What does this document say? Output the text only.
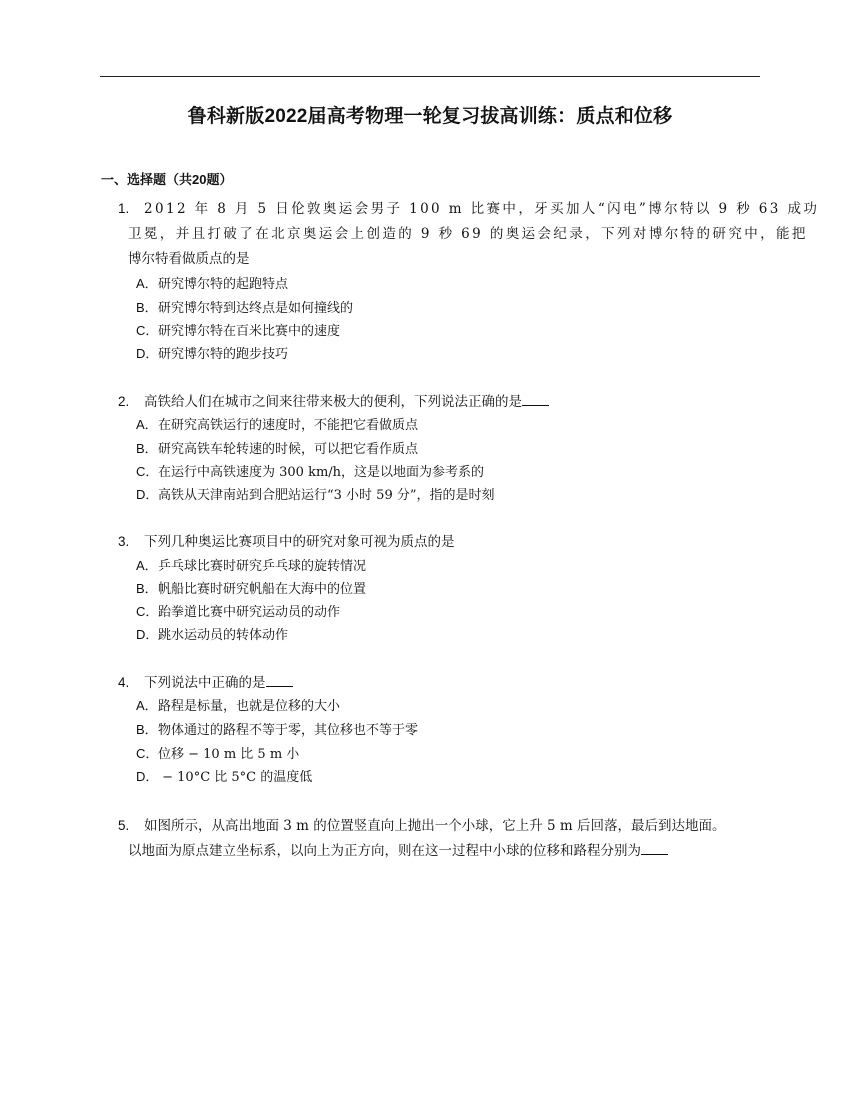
鲁科新版2022届高考物理一轮复习拔高训练：质点和位移
一、选择题（共20题）
1. 2012 年 8 月 5 日伦敦奥运会男子 100 m 比赛中，牙买加人“闪电”博尔特以 9 秒 63 成功
卫冕，并且打破了在北京奥运会上创造的 9 秒 69 的奥运会纪录，下列对博尔特的研究中，能把
博尔特看做质点的是
A．研究博尔特的起跑特点
B．研究博尔特到达终点是如何撞线的
C．研究博尔特在百米比赛中的速度
D．研究博尔特的跑步技巧
2. 高铁给人们在城市之间来往带来极大的便利，下列说法正确的是
A．在研究高铁运行的速度时，不能把它看做质点
B．研究高铁车轮转速的时候，可以把它看作质点
C．在运行中高铁速度为 300 km/h，这是以地面为参考系的
D．高铁从天津南站到合肥站运行“3 小时 59 分”，指的是时刻
3. 下列几种奥运比赛项目中的研究对象可视为质点的是
A．乒乓球比赛时研究乒乓球的旋转情况
B．帆船比赛时研究帆船在大海中的位置
C．跆拳道比赛中研究运动员的动作
D．跳水运动员的转体动作
4. 下列说法中正确的是
A．路程是标量，也就是位移的大小
B．物体通过的路程不等于零，其位移也不等于零
C．位移 − 10 m 比 5 m 小
D． − 10°C 比 5°C 的温度低
5. 如图所示，从高出地面 3 m 的位置竖直向上抛出一个小球，它上升 5 m 后回落，最后到达地面。
以地面为原点建立坐标系，以向上为正方向，则在这一过程中小球的位移和路程分别为
